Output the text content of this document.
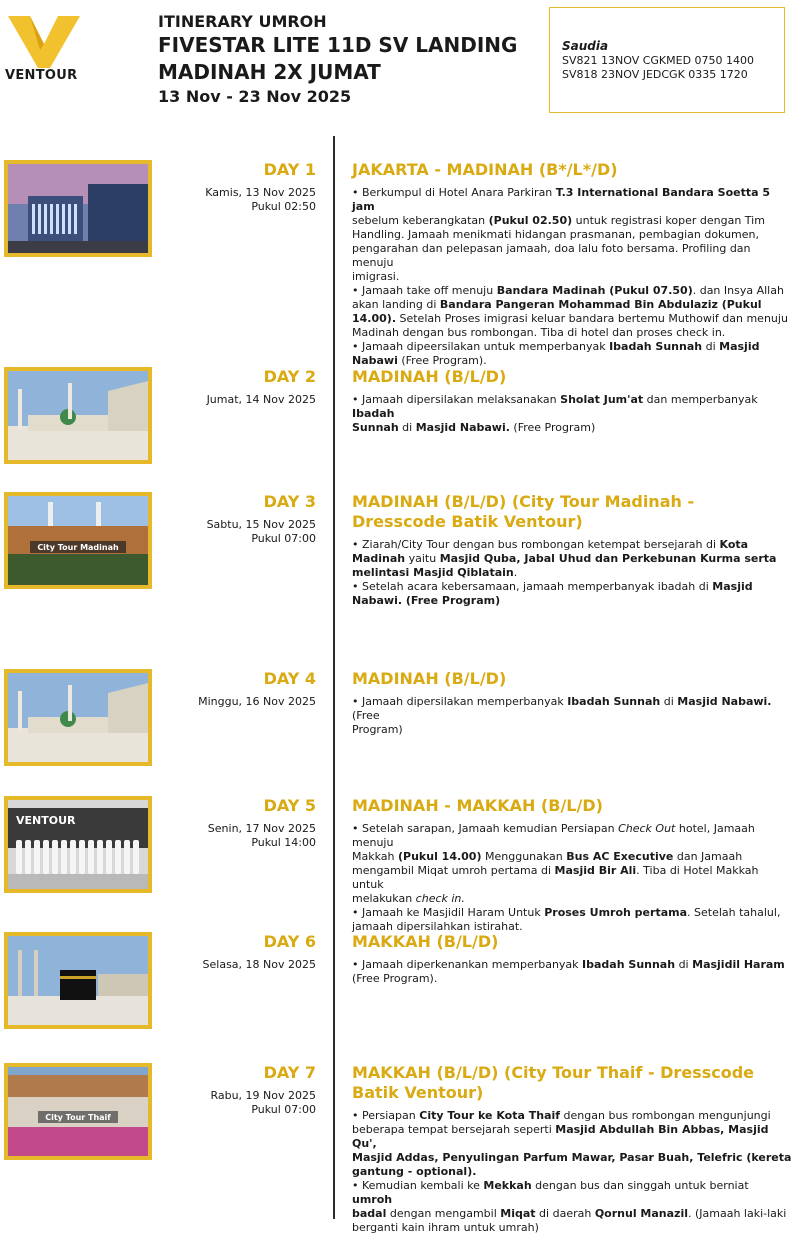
VENTOUR
ITINERARY UMROH
FIVESTAR LITE 11D SV LANDING
MADINAH 2X JUMAT
13 Nov - 23 Nov 2025
Saudia
SV821 13NOV CGKMED 0750 1400
SV818 23NOV JEDCGK 0335 1720
DAY 1
Kamis, 13 Nov 2025
Pukul 02:50
JAKARTA - MADINAH (B*/L*/D)
• Berkumpul di Hotel Anara Parkiran T.3 International Bandara Soetta 5 jam
sebelum keberangkatan (Pukul 02.50) untuk registrasi koper dengan Tim
Handling. Jamaah menikmati hidangan prasmanan, pembagian dokumen,
pengarahan dan pelepasan jamaah, doa lalu foto bersama. Profiling dan menuju
imigrasi.
• Jamaah take off menuju Bandara Madinah (Pukul 07.50). dan Insya Allah
akan landing di Bandara Pangeran Mohammad Bin Abdulaziz (Pukul
14.00). Setelah Proses imigrasi keluar bandara bertemu Muthowif dan menuju
Madinah dengan bus rombongan. Tiba di hotel dan proses check in.
• Jamaah dipeersilakan untuk memperbanyak Ibadah Sunnah di Masjid
Nabawi (Free Program).
DAY 2
Jumat, 14 Nov 2025
MADINAH (B/L/D)
• Jamaah dipersilakan melaksanakan Sholat Jum'at dan memperbanyak Ibadah
Sunnah di Masjid Nabawi. (Free Program)
City Tour Madinah
DAY 3
Sabtu, 15 Nov 2025
Pukul 07:00
MADINAH (B/L/D) (City Tour Madinah - Dresscode Batik Ventour)
• Ziarah/City Tour dengan bus rombongan ketempat bersejarah di Kota
Madinah yaitu Masjid Quba, Jabal Uhud dan Perkebunan Kurma serta
melintasi Masjid Qiblatain.
• Setelah acara kebersamaan, jamaah memperbanyak ibadah di Masjid
Nabawi. (Free Program)
DAY 4
Minggu, 16 Nov 2025
MADINAH (B/L/D)
• Jamaah dipersilakan memperbanyak Ibadah Sunnah di Masjid Nabawi. (Free
Program)
VENTOUR
DAY 5
Senin, 17 Nov 2025
Pukul 14:00
MADINAH - MAKKAH (B/L/D)
• Setelah sarapan, Jamaah kemudian Persiapan Check Out hotel, Jamaah menuju
Makkah (Pukul 14.00) Menggunakan Bus AC Executive dan Jamaah
mengambil Miqat umroh pertama di Masjid Bir Ali. Tiba di Hotel Makkah untuk
melakukan check in.
• Jamaah ke Masjidil Haram Untuk Proses Umroh pertama. Setelah tahalul,
jamaah dipersilahkan istirahat.
DAY 6
Selasa, 18 Nov 2025
MAKKAH (B/L/D)
• Jamaah diperkenankan memperbanyak Ibadah Sunnah di Masjidil Haram
(Free Program).
City Tour Thaif
DAY 7
Rabu, 19 Nov 2025
Pukul 07:00
MAKKAH (B/L/D) (City Tour Thaif - Dresscode Batik Ventour)
• Persiapan City Tour ke Kota Thaif dengan bus rombongan mengunjungi
beberapa tempat bersejarah seperti Masjid Abdullah Bin Abbas, Masjid Qu',
Masjid Addas, Penyulingan Parfum Mawar, Pasar Buah, Telefric (kereta
gantung - optional).
• Kemudian kembali ke Mekkah dengan bus dan singgah untuk berniat umroh
badal dengan mengambil Miqat di daerah Qornul Manazil. (Jamaah laki-laki
berganti kain ihram untuk umrah)
